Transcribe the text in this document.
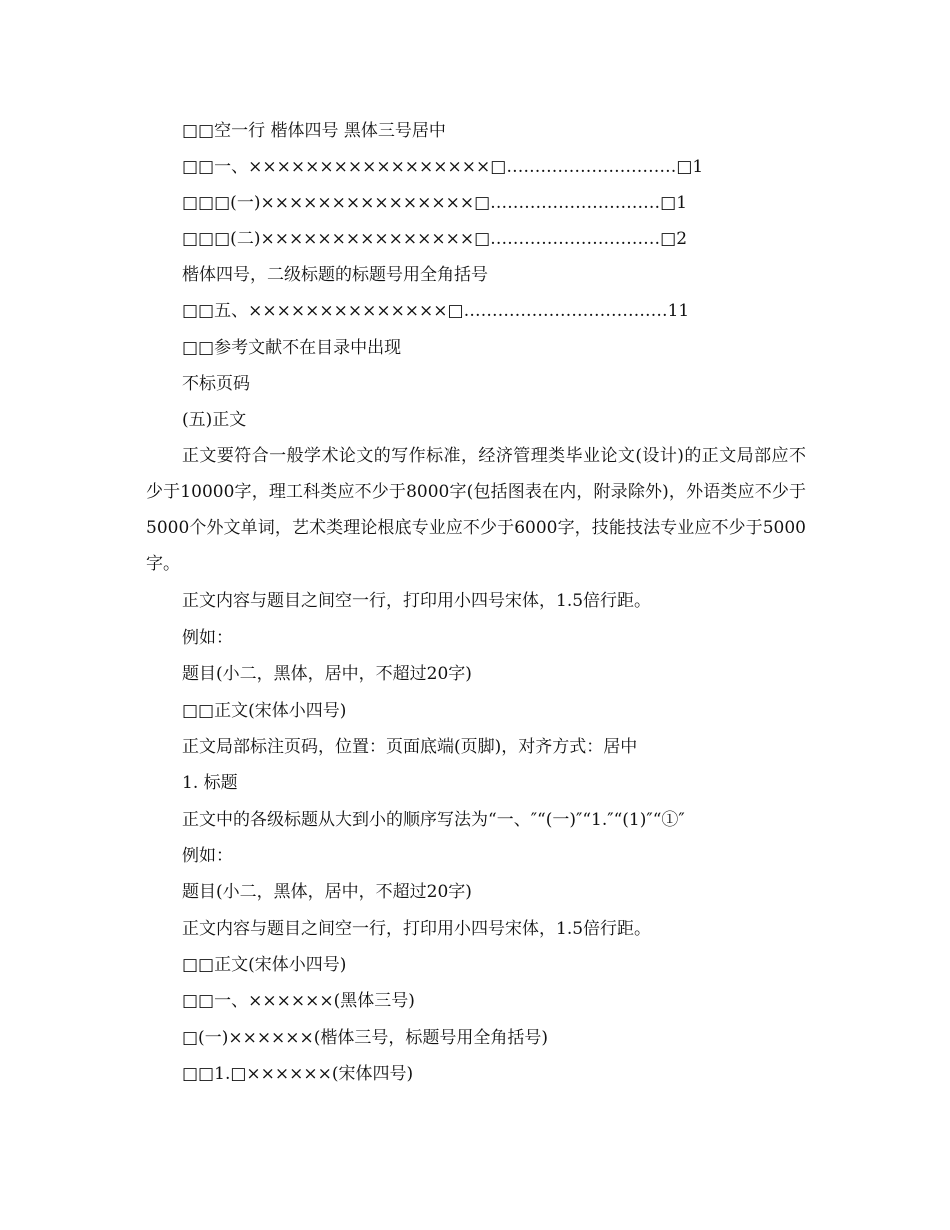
□□空一行 楷体四号 黑体三号居中
□□一、×××××××××××××××××□…………………………□1
□□□(一)×××××××××××××××□…………………………□1
□□□(二)×××××××××××××××□…………………………□2
楷体四号，二级标题的标题号用全角括号
□□五、××××××××××××××□………………………………11
□□参考文献不在目录中出现
不标页码
(五)正文
正文要符合一般学术论文的写作标准，经济管理类毕业论文(设计)的正文局部应不少于10000字，理工科类应不少于8000字(包括图表在内，附录除外)，外语类应不少于5000个外文单词，艺术类理论根底专业应不少于6000字，技能技法专业应不少于5000字。
正文内容与题目之间空一行，打印用小四号宋体，1.5倍行距。
例如：
题目(小二，黑体，居中，不超过20字)
□□正文(宋体小四号)
正文局部标注页码，位置：页面底端(页脚)，对齐方式：居中
1. 标题
正文中的各级标题从大到小的顺序写法为“一、″“(一)″“1.″“(1)″“①″
例如：
题目(小二，黑体，居中，不超过20字)
正文内容与题目之间空一行，打印用小四号宋体，1.5倍行距。
□□正文(宋体小四号)
□□一、××××××(黑体三号)
□(一)××××××(楷体三号，标题号用全角括号)
□□1.□××××××(宋体四号)
